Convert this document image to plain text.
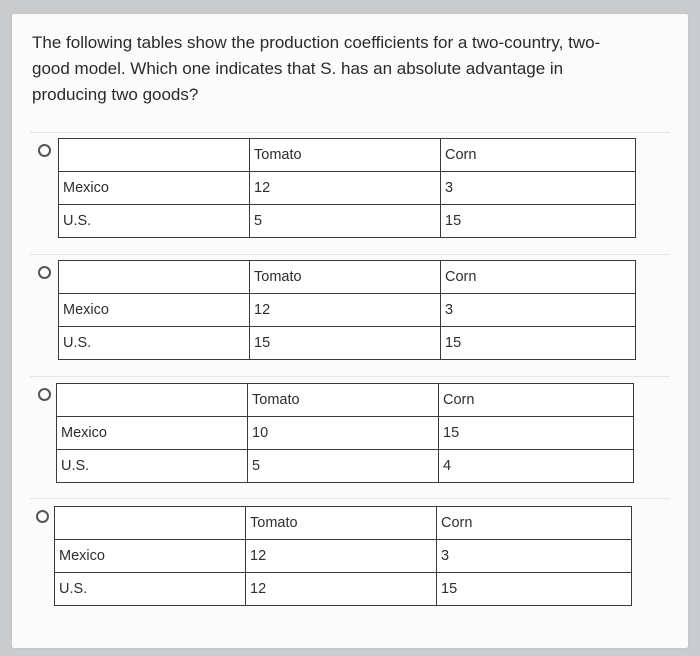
The following tables show the production coefficients for a two-country, two-
good model. Which one indicates that S. has an absolute advantage in
producing two goods?
	Tomato	Corn
Mexico	12	3
U.S.	5	15
	Tomato	Corn
Mexico	12	3
U.S.	15	15
	Tomato	Corn
Mexico	10	15
U.S.	5	4
	Tomato	Corn
Mexico	12	3
U.S.	12	15
